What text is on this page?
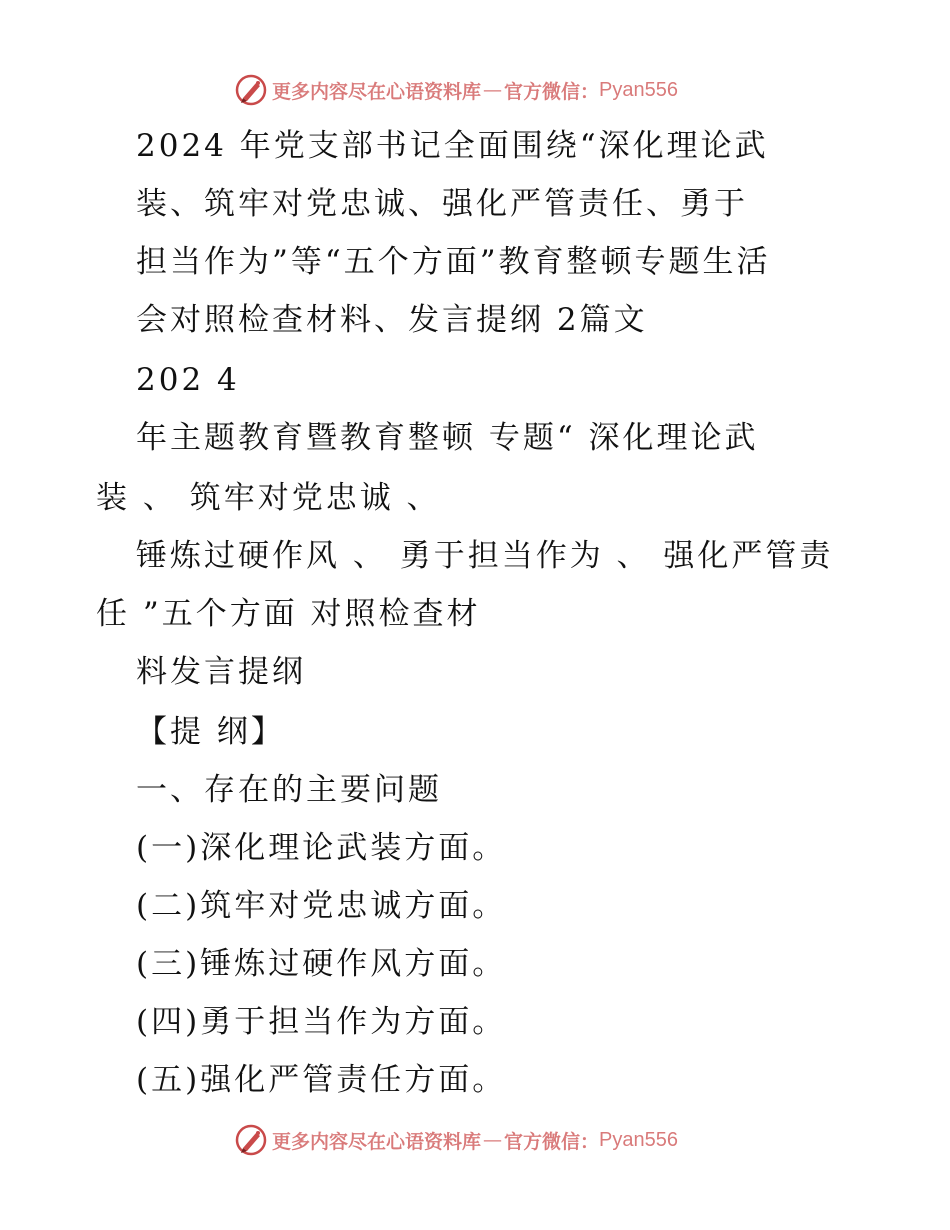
更多内容尽在心语资料库 — 官方微信： Pyan556
2024 年党支部书记全面围绕“深化理论武
装、筑牢对党忠诚、强化严管责任、勇于
担当作为”等“五个方面”教育整顿专题生活
会对照检查材料、发言提纲 2篇文
202 4
年主题教育暨教育整顿 专题“ 深化理论武
装 、 筑牢对党忠诚 、
锤炼过硬作风 、 勇于担当作为 、 强化严管责
任 ”五个方面 对照检查材
料发言提纲
【提 纲】
一、存在的主要问题
(一)深化理论武装方面。
(二)筑牢对党忠诚方面。
(三)锤炼过硬作风方面。
(四)勇于担当作为方面。
(五)强化严管责任方面。
更多内容尽在心语资料库 — 官方微信： Pyan556
